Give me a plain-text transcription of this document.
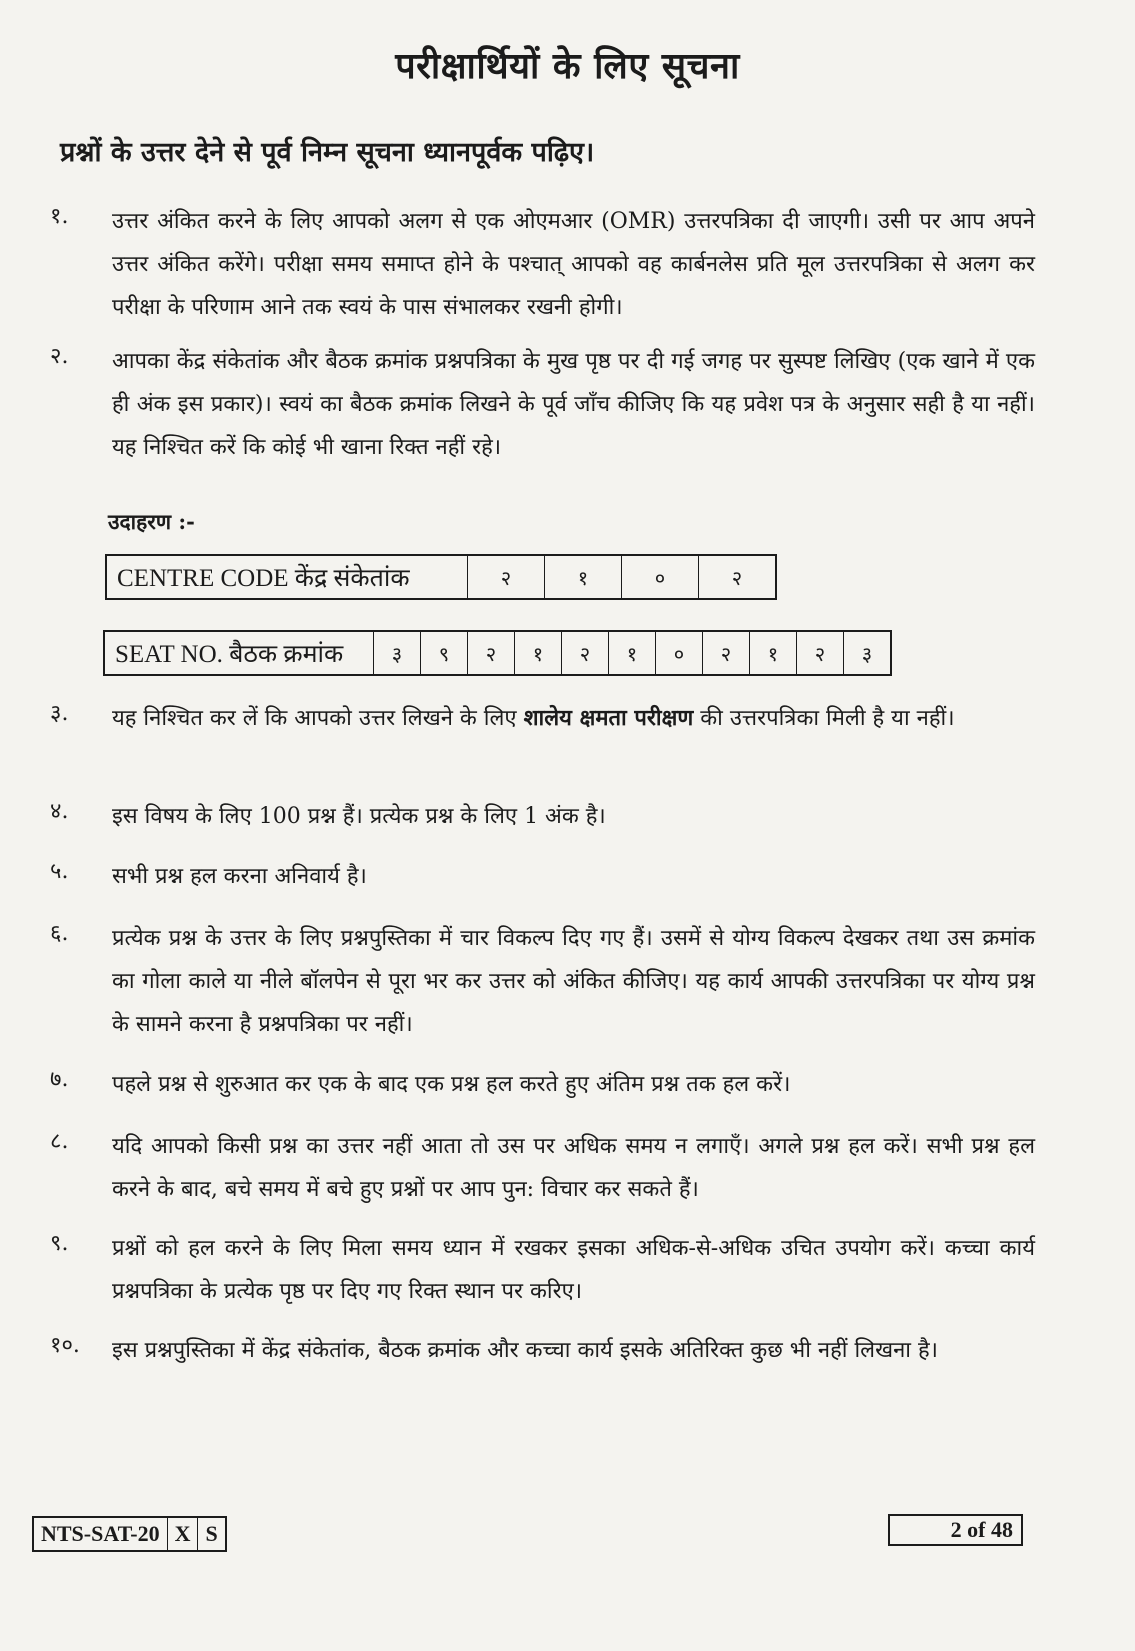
परीक्षार्थियों के लिए सूचना
प्रश्नों के उत्तर देने से पूर्व निम्न सूचना ध्यानपूर्वक पढ़िए।
१.	उत्तर अंकित करने के लिए आपको अलग से एक ओएमआर (OMR) उत्तरपत्रिका दी जाएगी। उसी पर आप अपने उत्तर अंकित करेंगे। परीक्षा समय समाप्त होने के पश्चात् आपको वह कार्बनलेस प्रति मूल उत्तरपत्रिका से अलग कर परीक्षा के परिणाम आने तक स्वयं के पास संभालकर रखनी होगी।
२.	आपका केंद्र संकेतांक और बैठक क्रमांक प्रश्नपत्रिका के मुख पृष्ठ पर दी गई जगह पर सुस्पष्ट लिखिए (एक खाने में एक ही अंक इस प्रकार)। स्वयं का बैठक क्रमांक लिखने के पूर्व जाँच कीजिए कि यह प्रवेश पत्र के अनुसार सही है या नहीं। यह निश्चित करें कि कोई भी खाना रिक्त नहीं रहे।
उदाहरण :-
CENTRE CODE केंद्र संकेतांक	२	१	०	२
SEAT NO. बैठक क्रमांक	३	९	२	१	२	१	०	२	१	२	३
३.	यह निश्चित कर लें कि आपको उत्तर लिखने के लिए शालेय क्षमता परीक्षण की उत्तरपत्रिका मिली है या नहीं।
४.	इस विषय के लिए 100 प्रश्न हैं। प्रत्येक प्रश्न के लिए 1 अंक है।
५.	सभी प्रश्न हल करना अनिवार्य है।
६.	प्रत्येक प्रश्न के उत्तर के लिए प्रश्नपुस्तिका में चार विकल्प दिए गए हैं। उसमें से योग्य विकल्प देखकर तथा उस क्रमांक का गोला काले या नीले बॉलपेन से पूरा भर कर उत्तर को अंकित कीजिए। यह कार्य आपकी उत्तरपत्रिका पर योग्य प्रश्न के सामने करना है प्रश्नपत्रिका पर नहीं।
७.	पहले प्रश्न से शुरुआत कर एक के बाद एक प्रश्न हल करते हुए अंतिम प्रश्न तक हल करें।
८.	यदि आपको किसी प्रश्न का उत्तर नहीं आता तो उस पर अधिक समय न लगाएँ। अगले प्रश्न हल करें। सभी प्रश्न हल करने के बाद, बचे समय में बचे हुए प्रश्नों पर आप पुन: विचार कर सकते हैं।
९.	प्रश्नों को हल करने के लिए मिला समय ध्यान में रखकर इसका अधिक-से-अधिक उचित उपयोग करें। कच्चा कार्य प्रश्नपत्रिका के प्रत्येक पृष्ठ पर दिए गए रिक्त स्थान पर करिए।
१०.	इस प्रश्नपुस्तिका में केंद्र संकेतांक, बैठक क्रमांक और कच्चा कार्य इसके अतिरिक्त कुछ भी नहीं लिखना है।
NTS-SAT-20	X	S	2 of 48
